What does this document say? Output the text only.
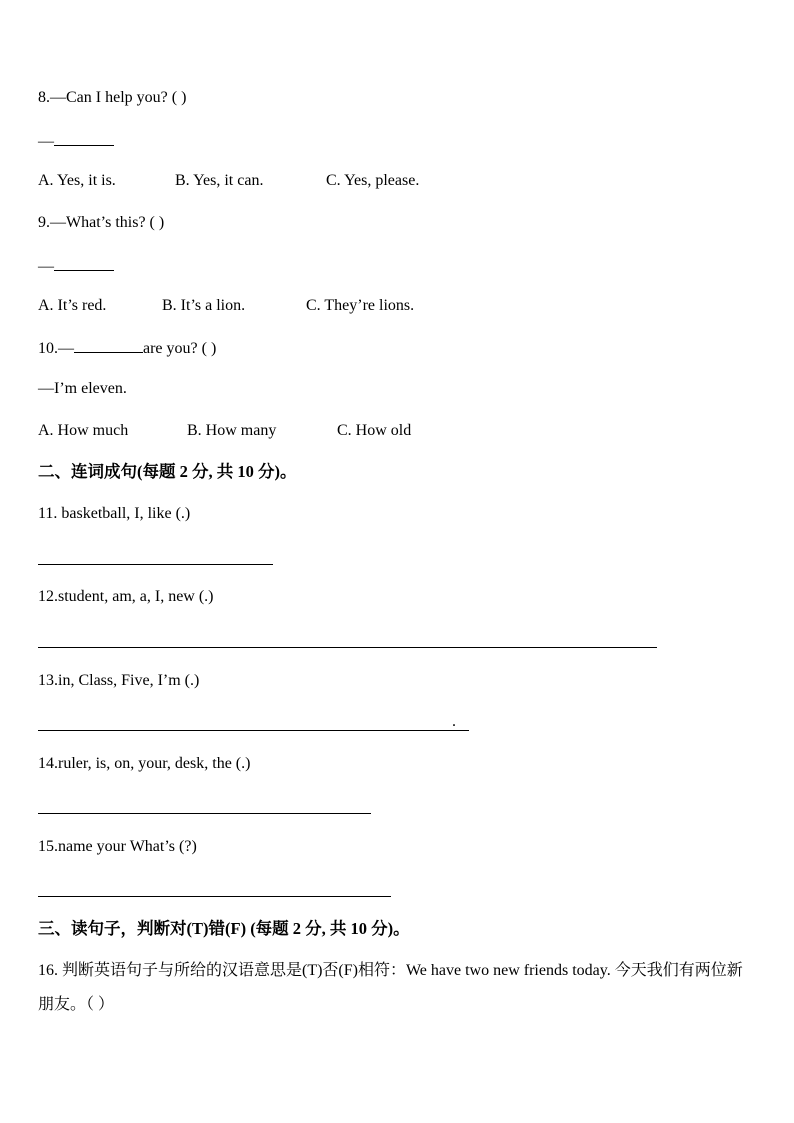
8.—Can I help you? ( )
—
A. Yes, it is.	B. Yes, it can.	C. Yes, please.
9.—What’s this? ( )
—
A. It’s red.	B. It’s a lion.	C. They’re lions.
10.—	are you? ( )
—I’m eleven.
A. How much	B. How many	C. How old
二、连词成句(每题 2 分, 共 10 分)。
11. basketball, I, like (.)
12.student, am, a, I, new (.)
13.in, Class, Five, I’m (.)
.
14.ruler, is, on, your, desk, the (.)
15.name your What’s (?)
三、读句子，判断对(T)错(F) (每题 2 分, 共 10 分)。
16. 判断英语句子与所给的汉语意思是(T)否(F)相符：We have two new friends today. 今天我们有两位新朋友。（ ）
